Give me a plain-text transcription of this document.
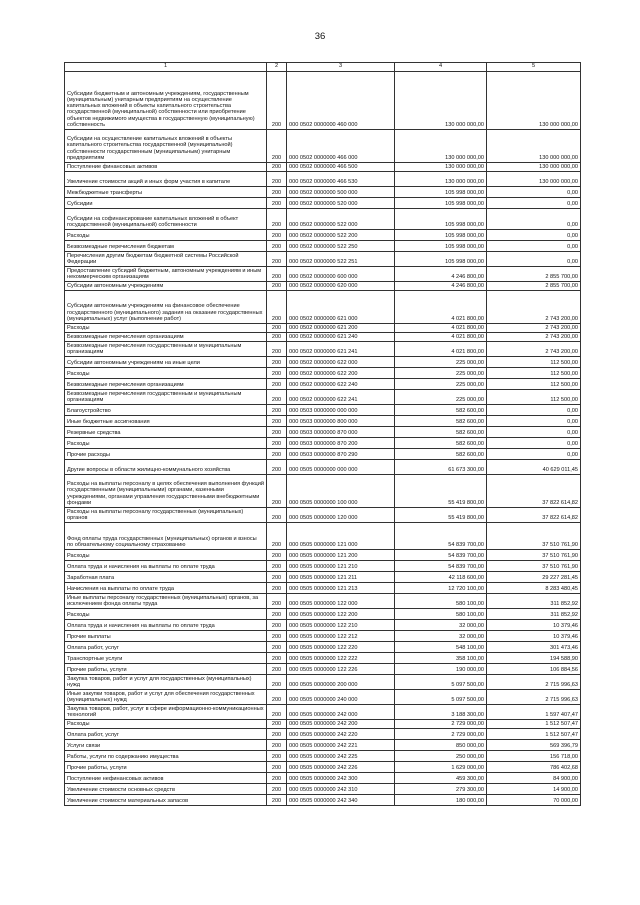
36
1	2	3	4	5
Субсидии бюджетным и автономным учреждениям, государственным (муниципальным) унитарным предприятиям на осуществление капитальных вложений в объекты капитального строительства государственной (муниципальной) собственности или приобретение объектов недвижимого имущества в государственную (муниципальную) собственность	200	000 0502 0000000 460 000	130 000 000,00	130 000 000,00
Субсидии на осуществление капитальных вложений в объекты капитального строительства государственной (муниципальной) собственности государственным (муниципальным) унитарным предприятиям	200	000 0502 0000000 466 000	130 000 000,00	130 000 000,00
Поступление финансовых активов	200	000 0502 0000000 466 500	130 000 000,00	130 000 000,00
Увеличение стоимости акций и иных форм участия в капитале	200	000 0502 0000000 466 530	130 000 000,00	130 000 000,00
Межбюджетные трансферты	200	000 0502 0000000 500 000	105 998 000,00	0,00
Субсидии	200	000 0502 0000000 520 000	105 998 000,00	0,00
Субсидии на софинансирование капитальных вложений в объект государственной (муниципальной) собственности	200	000 0502 0000000 522 000	105 998 000,00	0,00
Расходы	200	000 0502 0000000 522 200	105 998 000,00	0,00
Безвозмездные перечисления бюджетам	200	000 0502 0000000 522 250	105 998 000,00	0,00
Перечисления другим бюджетам бюджетной системы Российской Федерации	200	000 0502 0000000 522 251	105 998 000,00	0,00
Предоставление субсидий бюджетным, автономным учреждениям и иным некоммерческим организациям	200	000 0502 0000000 600 000	4 246 800,00	2 855 700,00
Субсидии автономным учреждениям	200	000 0502 0000000 620 000	4 246 800,00	2 855 700,00
Субсидии автономным учреждениям на финансовое обеспечение государственного (муниципального) задания на оказание государственных (муниципальных) услуг (выполнение работ)	200	000 0502 0000000 621 000	4 021 800,00	2 743 200,00
Расходы	200	000 0502 0000000 621 200	4 021 800,00	2 743 200,00
Безвозмездные перечисления организациям	200	000 0502 0000000 621 240	4 021 800,00	2 743 200,00
Безвозмездные перечисления государственным и муниципальным организациям	200	000 0502 0000000 621 241	4 021 800,00	2 743 200,00
Субсидии автономным учреждениям на иные цели	200	000 0502 0000000 622 000	225 000,00	112 500,00
Расходы	200	000 0502 0000000 622 200	225 000,00	112 500,00
Безвозмездные перечисления организациям	200	000 0502 0000000 622 240	225 000,00	112 500,00
Безвозмездные перечисления государственным и муниципальным организациям	200	000 0502 0000000 622 241	225 000,00	112 500,00
Благоустройство	200	000 0503 0000000 000 000	582 600,00	0,00
Иные бюджетные ассигнования	200	000 0503 0000000 800 000	582 600,00	0,00
Резервные средства	200	000 0503 0000000 870 000	582 600,00	0,00
Расходы	200	000 0503 0000000 870 200	582 600,00	0,00
Прочие расходы	200	000 0503 0000000 870 290	582 600,00	0,00
Другие вопросы в области жилищно-коммунального хозяйства	200	000 0505 0000000 000 000	61 673 300,00	40 629 011,45
Расходы на выплаты персоналу в целях обеспечения выполнения функций государственными (муниципальными) органами, казенными учреждениями, органами управления государственными внебюджетными фондами	200	000 0505 0000000 100 000	55 419 800,00	37 822 614,82
Расходы на выплаты персоналу государственных (муниципальных) органов	200	000 0505 0000000 120 000	55 419 800,00	37 822 614,82
Фонд оплаты труда государственных (муниципальных) органов и взносы по обязательному социальному страхованию	200	000 0505 0000000 121 000	54 839 700,00	37 510 761,90
Расходы	200	000 0505 0000000 121 200	54 839 700,00	37 510 761,90
Оплата труда и начисления на выплаты по оплате труда	200	000 0505 0000000 121 210	54 839 700,00	37 510 761,90
Заработная плата	200	000 0505 0000000 121 211	42 118 600,00	29 227 281,45
Начисления на выплаты по оплате труда	200	000 0505 0000000 121 213	12 720 100,00	8 283 480,45
Иные выплаты персоналу государственных (муниципальных) органов, за исключением фонда оплаты труда	200	000 0505 0000000 122 000	580 100,00	311 852,92
Расходы	200	000 0505 0000000 122 200	580 100,00	311 852,92
Оплата труда и начисления на выплаты по оплате труда	200	000 0505 0000000 122 210	32 000,00	10 379,46
Прочие выплаты	200	000 0505 0000000 122 212	32 000,00	10 379,46
Оплата работ, услуг	200	000 0505 0000000 122 220	548 100,00	301 473,46
Транспортные услуги	200	000 0505 0000000 122 222	358 100,00	194 588,90
Прочие работы, услуги	200	000 0505 0000000 122 226	190 000,00	106 884,56
Закупка товаров, работ и услуг для государственных (муниципальных) нужд	200	000 0505 0000000 200 000	5 097 500,00	2 715 996,63
Иные закупки товаров, работ и услуг для обеспечения государственных (муниципальных) нужд	200	000 0505 0000000 240 000	5 097 500,00	2 715 996,63
Закупка товаров, работ, услуг в сфере информационно-коммуникационных технологий	200	000 0505 0000000 242 000	3 188 300,00	1 597 407,47
Расходы	200	000 0505 0000000 242 200	2 729 000,00	1 512 507,47
Оплата работ, услуг	200	000 0505 0000000 242 220	2 729 000,00	1 512 507,47
Услуги связи	200	000 0505 0000000 242 221	850 000,00	569 396,79
Работы, услуги по содержанию имущества	200	000 0505 0000000 242 225	250 000,00	156 718,00
Прочие работы, услуги	200	000 0505 0000000 242 226	1 629 000,00	786 402,68
Поступление нефинансовых активов	200	000 0505 0000000 242 300	459 300,00	84 900,00
Увеличение стоимости основных средств	200	000 0505 0000000 242 310	279 300,00	14 900,00
Увеличение стоимости материальных запасов	200	000 0505 0000000 242 340	180 000,00	70 000,00
